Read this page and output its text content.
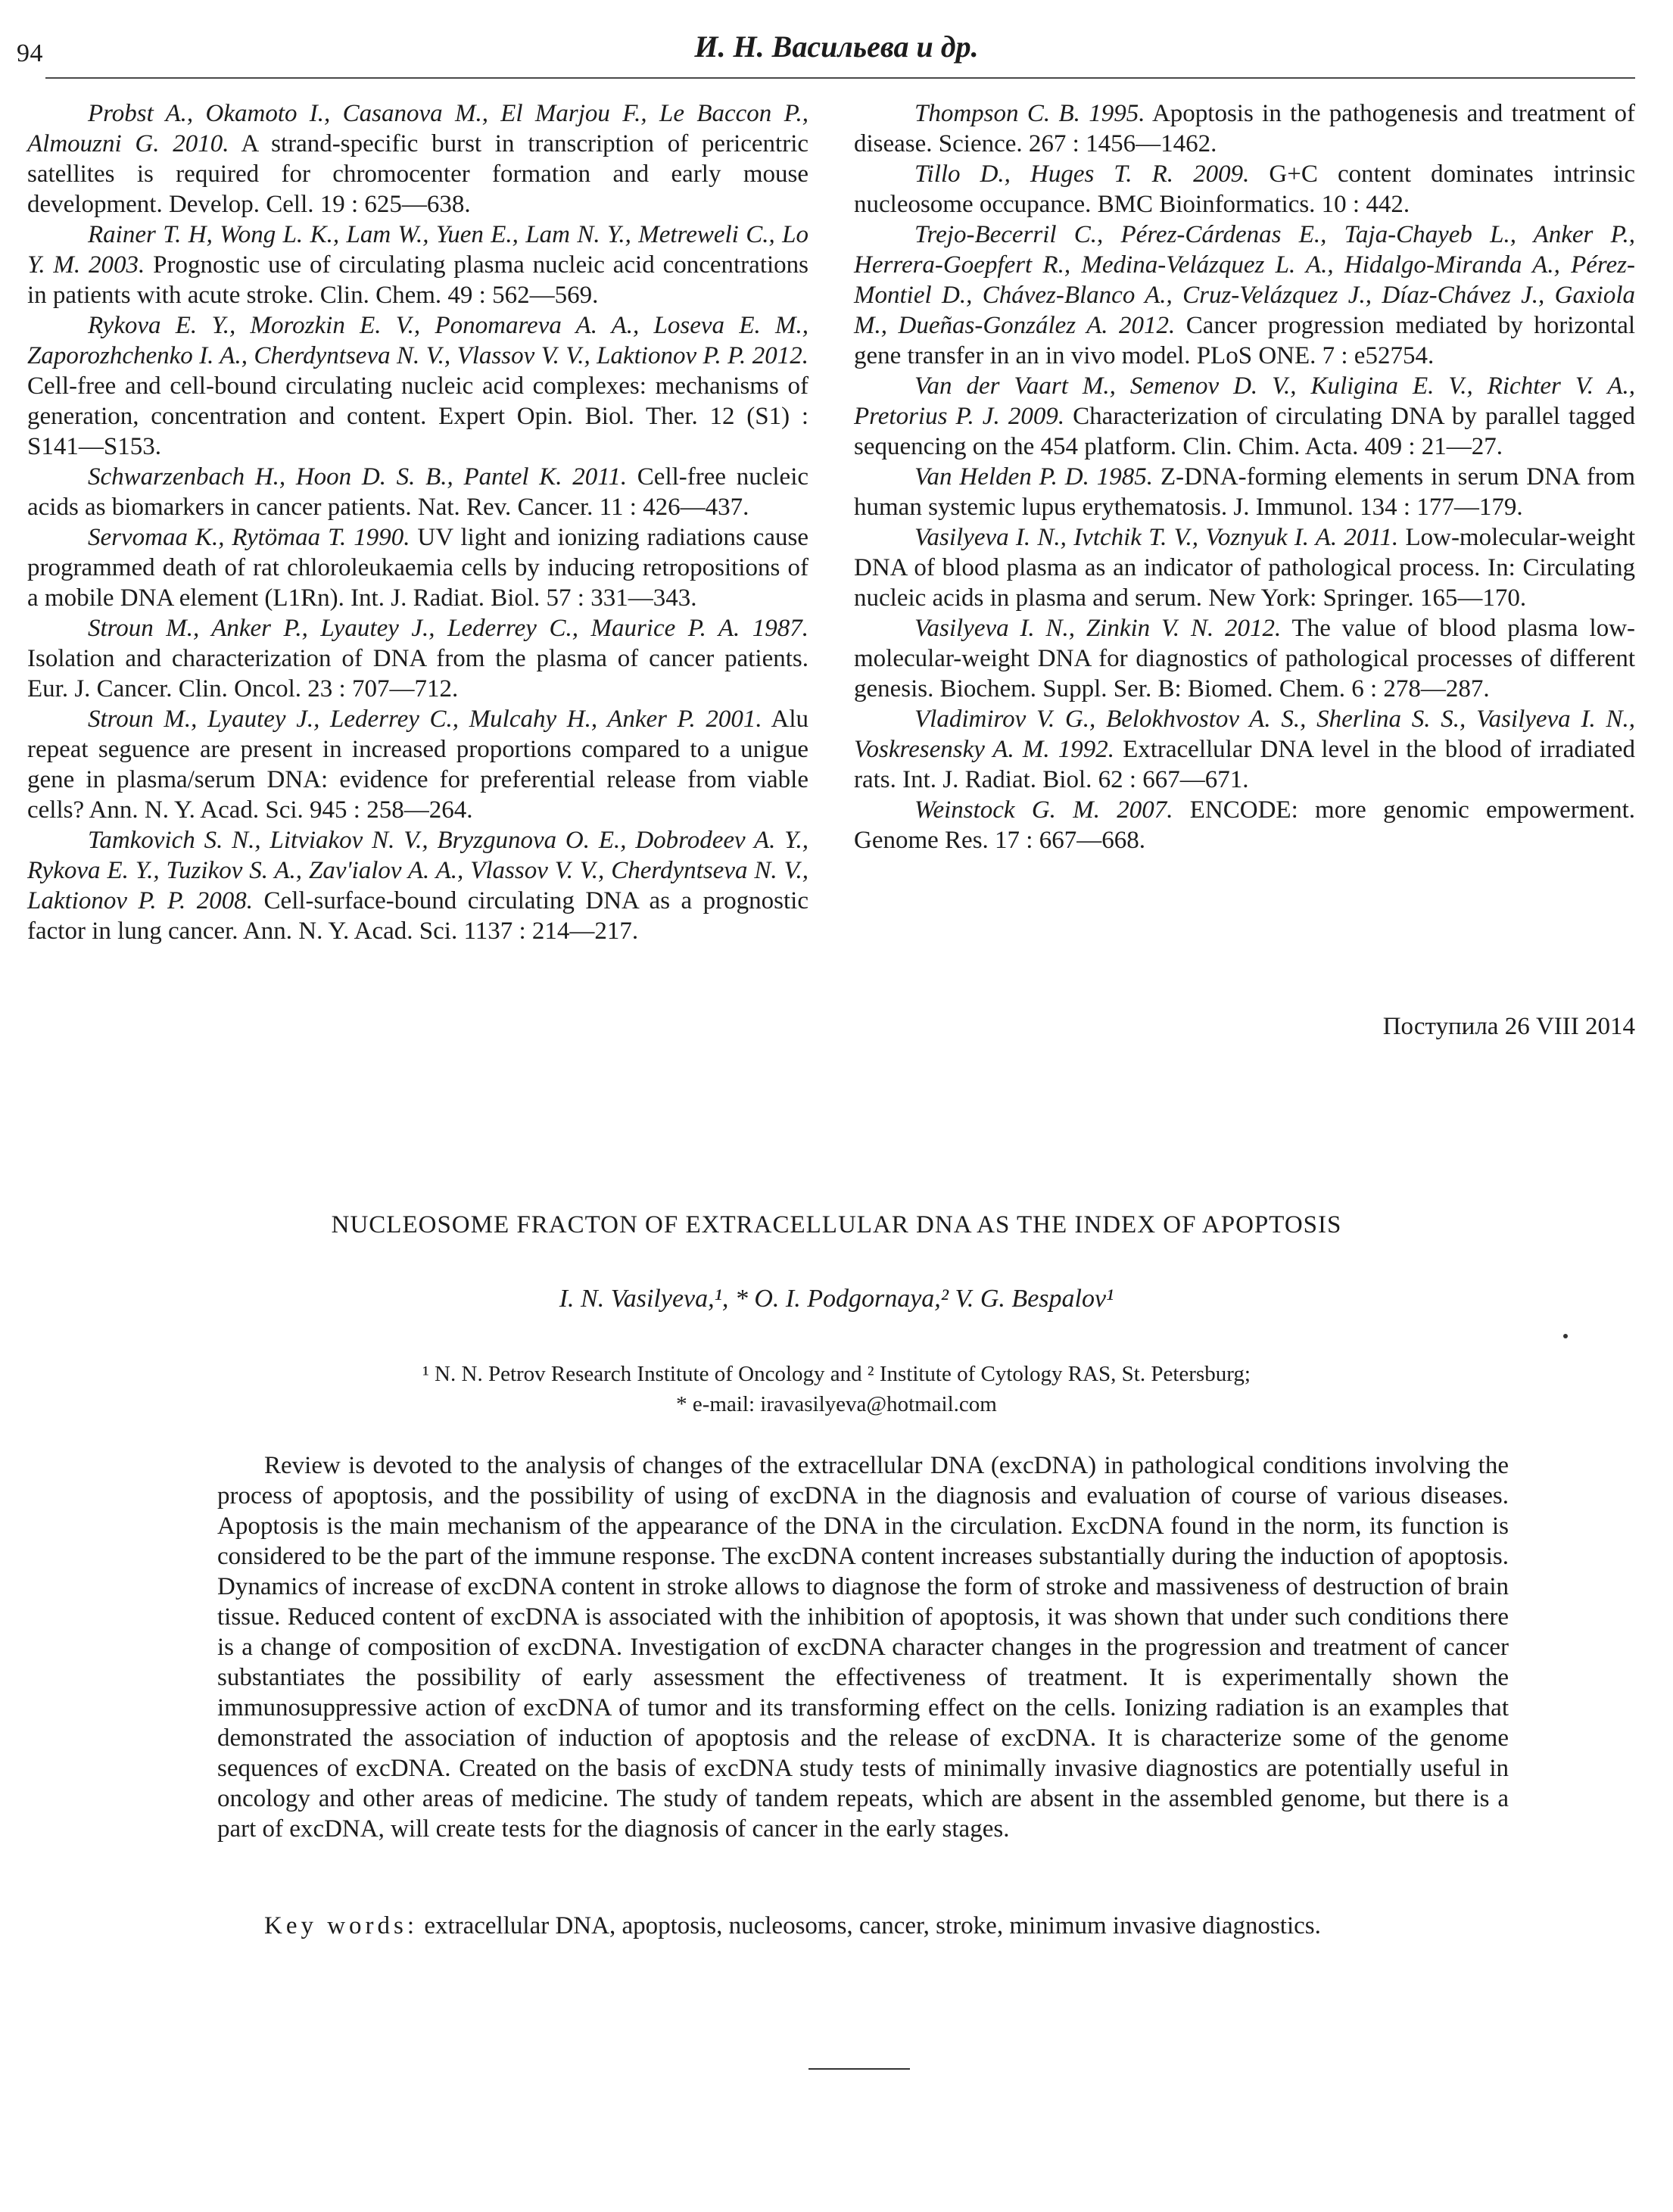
94	И. Н. Васильева и др.

Probst A., Okamoto I., Casanova M., El Marjou F., Le Baccon P., Almouzni G. 2010. A strand-specific burst in transcription of pericentric satellites is required for chromocenter formation and early mouse development. Develop. Cell. 19 : 625—638.

Rainer T. H, Wong L. K., Lam W., Yuen E., Lam N. Y., Metreweli C., Lo Y. M. 2003. Prognostic use of circulating plasma nucleic acid concentrations in patients with acute stroke. Clin. Chem. 49 : 562—569.

Rykova E. Y., Morozkin E. V., Ponomareva A. A., Loseva E. M., Zaporozhchenko I. A., Cherdyntseva N. V., Vlassov V. V., Laktionov P. P. 2012. Cell-free and cell-bound circulating nucleic acid complexes: mechanisms of generation, concentration and content. Expert Opin. Biol. Ther. 12 (S1) : S141—S153.

Schwarzenbach H., Hoon D. S. B., Pantel K. 2011. Cell-free nucleic acids as biomarkers in cancer patients. Nat. Rev. Cancer. 11 : 426—437.

Servomaa K., Rytömaa T. 1990. UV light and ionizing radiations cause programmed death of rat chloroleukaemia cells by inducing retropositions of a mobile DNA element (L1Rn). Int. J. Radiat. Biol. 57 : 331—343.

Stroun M., Anker P., Lyautey J., Lederrey C., Maurice P. A. 1987. Isolation and characterization of DNA from the plasma of cancer patients. Eur. J. Cancer. Clin. Oncol. 23 : 707—712.

Stroun M., Lyautey J., Lederrey C., Mulcahy H., Anker P. 2001. Alu repeat seguence are present in increased proportions compared to a unigue gene in plasma/serum DNA: evidence for preferential release from viable cells? Ann. N. Y. Acad. Sci. 945 : 258—264.

Tamkovich S. N., Litviakov N. V., Bryzgunova O. E., Dobrodeev A. Y., Rykova E. Y., Tuzikov S. A., Zav'ialov A. A., Vlassov V. V., Cherdyntseva N. V., Laktionov P. P. 2008. Cell-surface-bound circulating DNA as a prognostic factor in lung cancer. Ann. N. Y. Acad. Sci. 1137 : 214—217.

Thompson C. B. 1995. Apoptosis in the pathogenesis and treatment of disease. Science. 267 : 1456—1462.

Tillo D., Huges T. R. 2009. G+C content dominates intrinsic nucleosome occupance. BMC Bioinformatics. 10 : 442.

Trejo-Becerril C., Pérez-Cárdenas E., Taja-Chayeb L., Anker P., Herrera-Goepfert R., Medina-Velázquez L. A., Hidalgo-Miranda A., Pérez-Montiel D., Chávez-Blanco A., Cruz-Velázquez J., Díaz-Chávez J., Gaxiola M., Dueñas-González A. 2012. Cancer progression mediated by horizontal gene transfer in an in vivo model. PLoS ONE. 7 : e52754.

Van der Vaart M., Semenov D. V., Kuligina E. V., Richter V. A., Pretorius P. J. 2009. Characterization of circulating DNA by parallel tagged sequencing on the 454 platform. Clin. Chim. Acta. 409 : 21—27.

Van Helden P. D. 1985. Z-DNA-forming elements in serum DNA from human systemic lupus erythematosis. J. Immunol. 134 : 177—179.

Vasilyeva I. N., Ivtchik T. V., Voznyuk I. A. 2011. Low-molecular-weight DNA of blood plasma as an indicator of pathological process. In: Circulating nucleic acids in plasma and serum. New York: Springer. 165—170.

Vasilyeva I. N., Zinkin V. N. 2012. The value of blood plasma low-molecular-weight DNA for diagnostics of pathological processes of different genesis. Biochem. Suppl. Ser. B: Biomed. Chem. 6 : 278—287.

Vladimirov V. G., Belokhvostov A. S., Sherlina S. S., Vasilyeva I. N., Voskresensky A. M. 1992. Extracellular DNA level in the blood of irradiated rats. Int. J. Radiat. Biol. 62 : 667—671.

Weinstock G. M. 2007. ENCODE: more genomic empowerment. Genome Res. 17 : 667—668.

Поступила 26 VIII 2014
NUCLEOSOME FRACTON OF EXTRACELLULAR DNA AS THE INDEX OF APOPTOSIS
I. N. Vasilyeva,¹, * O. I. Podgornaya,² V. G. Bespalov¹
¹ N. N. Petrov Research Institute of Oncology and ² Institute of Cytology RAS, St. Petersburg;
* e-mail: iravasilyeva@hotmail.com

Review is devoted to the analysis of changes of the extracellular DNA (excDNA) in pathological conditions involving the process of apoptosis, and the possibility of using of excDNA in the diagnosis and evaluation of course of various diseases. Apoptosis is the main mechanism of the appearance of the DNA in the circulation. ExcDNA found in the norm, its function is considered to be the part of the immune response. The excDNA content increases substantially during the induction of apoptosis. Dynamics of increase of excDNA content in stroke allows to diagnose the form of stroke and massiveness of destruction of brain tissue. Reduced content of excDNA is associated with the inhibition of apoptosis, it was shown that under such conditions there is a change of composition of excDNA. Investigation of excDNA character changes in the progression and treatment of cancer substantiates the possibility of early assessment the effectiveness of treatment. It is experimentally shown the immunosuppressive action of excDNA of tumor and its transforming effect on the cells. Ionizing radiation is an examples that demonstrated the association of induction of apoptosis and the release of excDNA. It is characterize some of the genome sequences of excDNA. Created on the basis of excDNA study tests of minimally invasive diagnostics are potentially useful in oncology and other areas of medicine. The study of tandem repeats, which are absent in the assembled genome, but there is a part of excDNA, will create tests for the diagnosis of cancer in the early stages.

Key words: extracellular DNA, apoptosis, nucleosoms, cancer, stroke, minimum invasive diagnostics.
